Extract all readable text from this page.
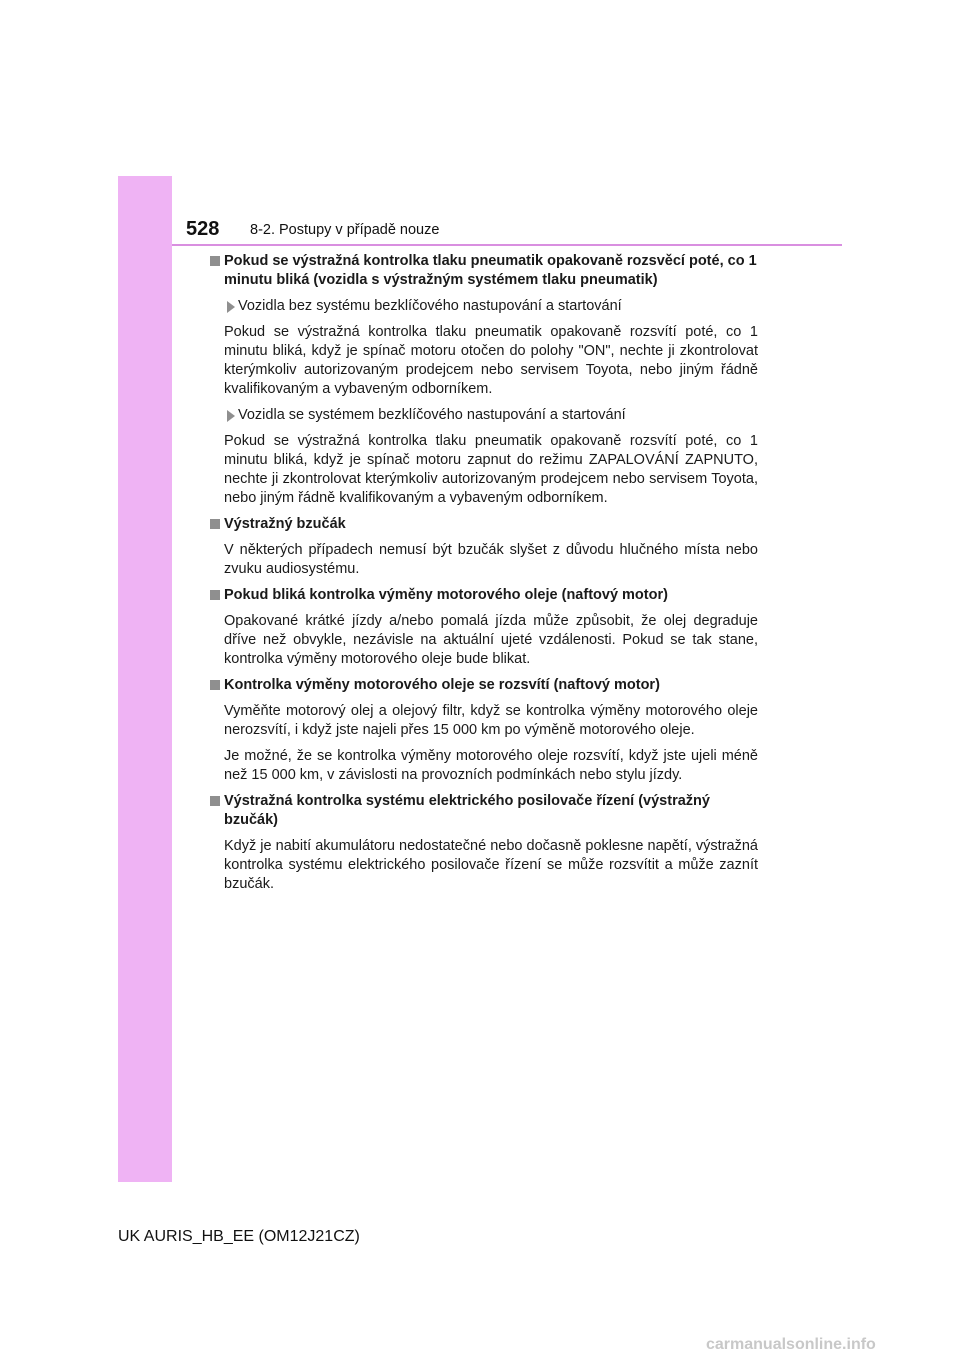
528 8-2. Postupy v případě nouze
Pokud se výstražná kontrolka tlaku pneumatik opakovaně rozsvěcí poté, co 1 minutu bliká (vozidla s výstražným systémem tlaku pneumatik)
Vozidla bez systému bezklíčového nastupování a startování
Pokud se výstražná kontrolka tlaku pneumatik opakovaně rozsvítí poté, co 1 minutu bliká, když je spínač motoru otočen do polohy "ON", nechte ji zkontrolovat kterýmkoliv autorizovaným prodejcem nebo servisem Toyota, nebo jiným řádně kvalifikovaným a vybaveným odborníkem.
Vozidla se systémem bezklíčového nastupování a startování
Pokud se výstražná kontrolka tlaku pneumatik opakovaně rozsvítí poté, co 1 minutu bliká, když je spínač motoru zapnut do režimu ZAPALOVÁNÍ ZAPNUTO, nechte ji zkontrolovat kterýmkoliv autorizovaným prodejcem nebo servisem Toyota, nebo jiným řádně kvalifikovaným a vybaveným odborníkem.
Výstražný bzučák
V některých případech nemusí být bzučák slyšet z důvodu hlučného místa nebo zvuku audiosystému.
Pokud bliká kontrolka výměny motorového oleje (naftový motor)
Opakované krátké jízdy a/nebo pomalá jízda může způsobit, že olej degraduje dříve než obvykle, nezávisle na aktuální ujeté vzdálenosti. Pokud se tak stane, kontrolka výměny motorového oleje bude blikat.
Kontrolka výměny motorového oleje se rozsvítí (naftový motor)
Vyměňte motorový olej a olejový filtr, když se kontrolka výměny motorového oleje nerozsvítí, i když jste najeli přes 15 000 km po výměně motorového oleje.
Je možné, že se kontrolka výměny motorového oleje rozsvítí, když jste ujeli méně než 15 000 km, v závislosti na provozních podmínkách nebo stylu jízdy.
Výstražná kontrolka systému elektrického posilovače řízení (výstražný bzučák)
Když je nabití akumulátoru nedostatečné nebo dočasně poklesne napětí, výstražná kontrolka systému elektrického posilovače řízení se může rozsvítit a může zaznít bzučák.
UK AURIS_HB_EE (OM12J21CZ)
carmanualsonline.info
